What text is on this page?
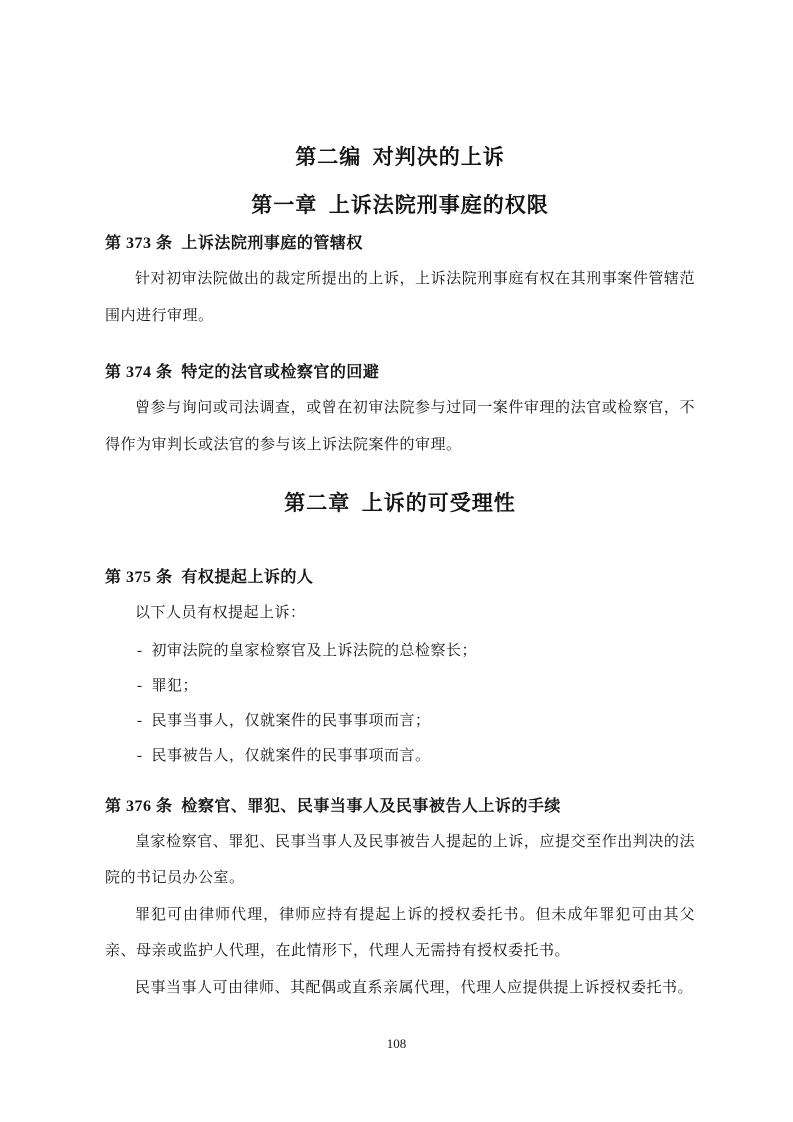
第二编 对判决的上诉
第一章 上诉法院刑事庭的权限
第 373 条 上诉法院刑事庭的管辖权

针对初审法院做出的裁定所提出的上诉，上诉法院刑事庭有权在其刑事案件管辖范围内进行审理。

第 374 条 特定的法官或检察官的回避

曾参与询问或司法调查，或曾在初审法院参与过同一案件审理的法官或检察官，不得作为审判长或法官的参与该上诉法院案件的审理。

第二章 上诉的可受理性
第 375 条 有权提起上诉的人

以下人员有权提起上诉：

- 初审法院的皇家检察官及上诉法院的总检察长；
- 罪犯；
- 民事当事人，仅就案件的民事事项而言；
- 民事被告人，仅就案件的民事事项而言。
第 376 条 检察官、罪犯、民事当事人及民事被告人上诉的手续

皇家检察官、罪犯、民事当事人及民事被告人提起的上诉，应提交至作出判决的法院的书记员办公室。

罪犯可由律师代理，律师应持有提起上诉的授权委托书。但未成年罪犯可由其父亲、母亲或监护人代理，在此情形下，代理人无需持有授权委托书。

民事当事人可由律师、其配偶或直系亲属代理，代理人应提供提上诉授权委托书。

108
